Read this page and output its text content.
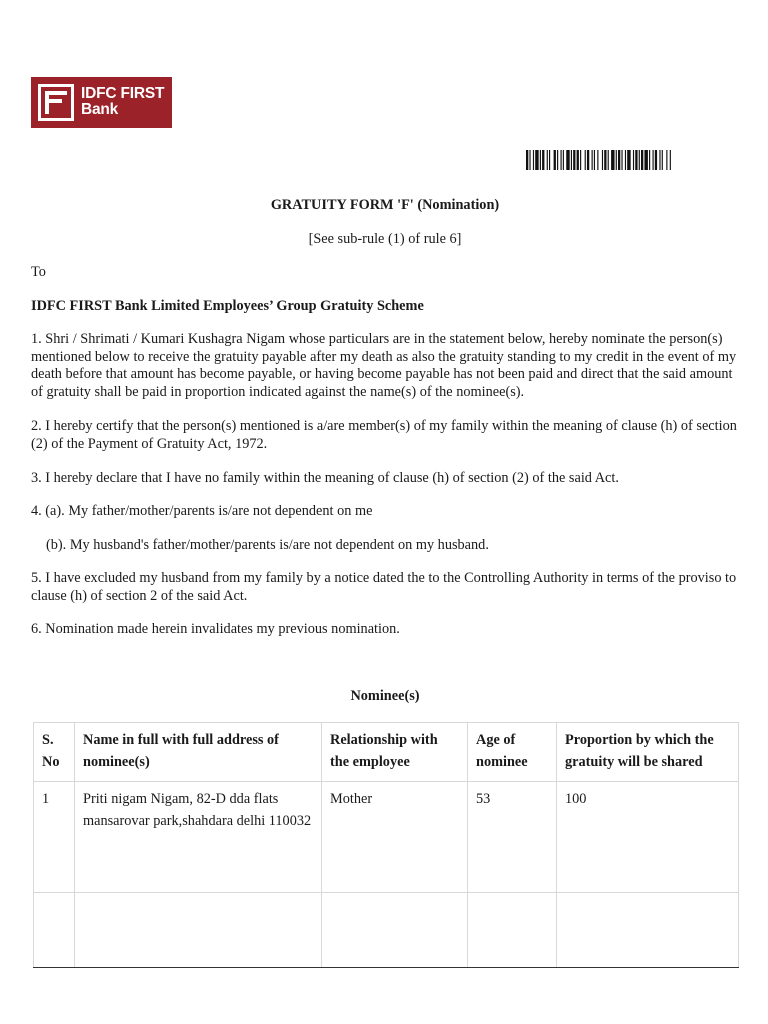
IDFC FIRST
Bank
GRATUITY FORM 'F' (Nomination)
[See sub-rule (1) of rule 6]
To
IDFC FIRST Bank Limited Employees’ Group Gratuity Scheme
1. Shri / Shrimati / Kumari Kushagra Nigam whose particulars are in the statement below, hereby nominate the person(s) mentioned below to receive the gratuity payable after my death as also the gratuity standing to my credit in the event of my death before that amount has become payable, or having become payable has not been paid and direct that the said amount of gratuity shall be paid in proportion indicated against the name(s) of the nominee(s).
2. I hereby certify that the person(s) mentioned is a/are member(s) of my family within the meaning of clause (h) of section (2) of the Payment of Gratuity Act, 1972.
3. I hereby declare that I have no family within the meaning of clause (h) of section (2) of the said Act.
4. (a). My father/mother/parents is/are not dependent on me
(b). My husband's father/mother/parents is/are not dependent on my husband.
5. I have excluded my husband from my family by a notice dated the to the Controlling Authority in terms of the proviso to clause (h) of section 2 of the said Act.
6. Nomination made herein invalidates my previous nomination.
Nominee(s)
S. No	Name in full with full address of nominee(s)	Relationship with the employee	Age of nominee	Proportion by which the gratuity will be shared
1	Priti nigam Nigam, 82-D dda flats mansarovar park,shahdara delhi 110032	Mother	53	100
